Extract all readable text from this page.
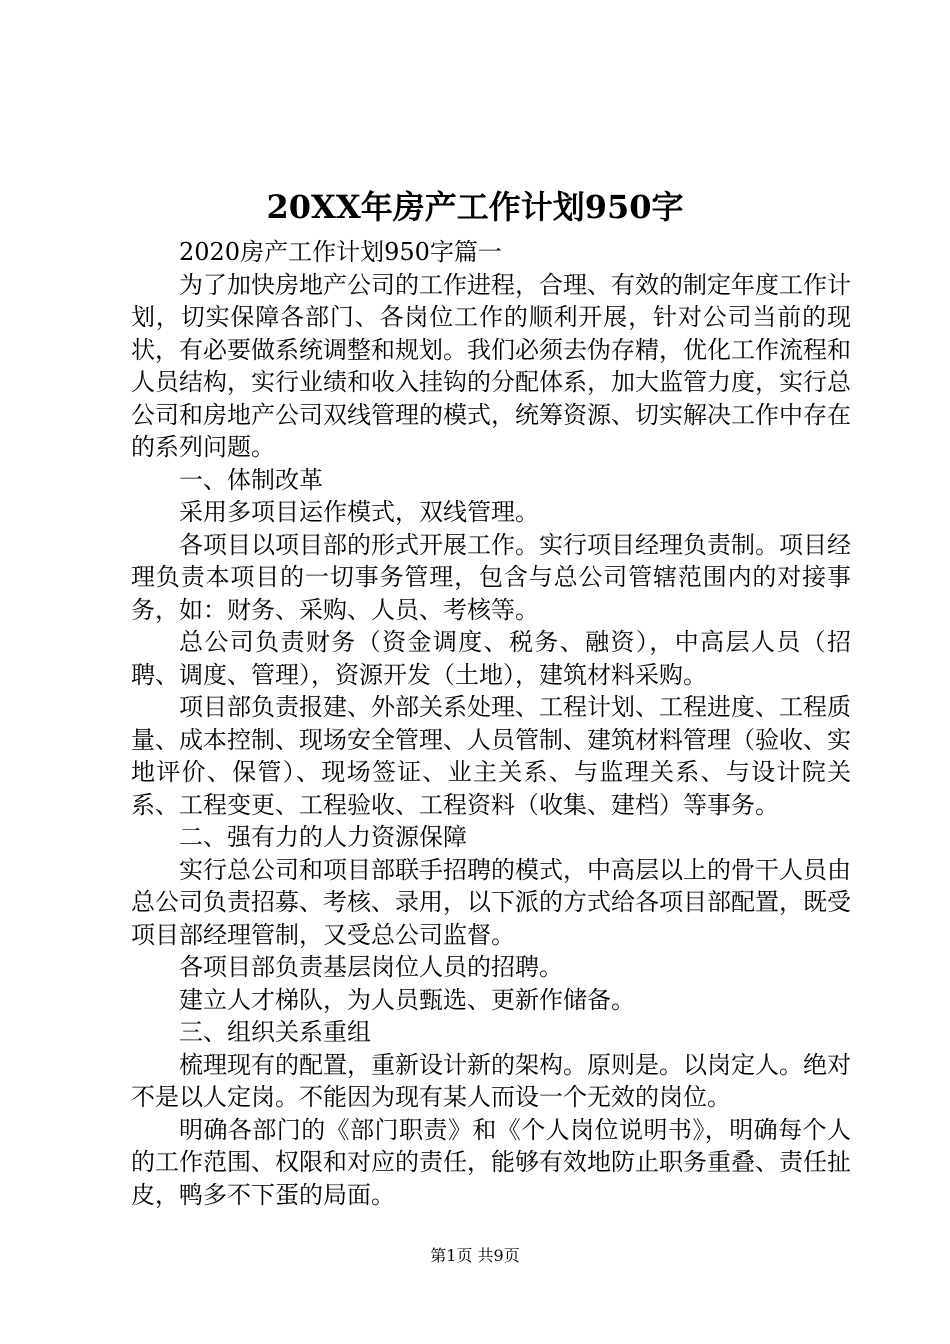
20XX年房产工作计划950字

2020房产工作计划950字篇一

为了加快房地产公司的工作进程，合理、有效的制定年度工作计划，切实保障各部门、各岗位工作的顺利开展，针对公司当前的现状，有必要做系统调整和规划。我们必须去伪存精，优化工作流程和人员结构，实行业绩和收入挂钩的分配体系，加大监管力度，实行总公司和房地产公司双线管理的模式，统筹资源、切实解决工作中存在的系列问题。

一、体制改革

采用多项目运作模式，双线管理。

各项目以项目部的形式开展工作。实行项目经理负责制。项目经理负责本项目的一切事务管理，包含与总公司管辖范围内的对接事务，如：财务、采购、人员、考核等。

总公司负责财务（资金调度、税务、融资），中高层人员（招聘、调度、管理），资源开发（土地），建筑材料采购。

项目部负责报建、外部关系处理、工程计划、工程进度、工程质量、成本控制、现场安全管理、人员管制、建筑材料管理（验收、实地评价、保管）、现场签证、业主关系、与监理关系、与设计院关系、工程变更、工程验收、工程资料（收集、建档）等事务。

二、强有力的人力资源保障

实行总公司和项目部联手招聘的模式，中高层以上的骨干人员由总公司负责招募、考核、录用，以下派的方式给各项目部配置，既受项目部经理管制，又受总公司监督。

各项目部负责基层岗位人员的招聘。

建立人才梯队，为人员甄选、更新作储备。

三、组织关系重组

梳理现有的配置，重新设计新的架构。原则是。以岗定人。绝对不是以人定岗。不能因为现有某人而设一个无效的岗位。

明确各部门的《部门职责》和《个人岗位说明书》，明确每个人的工作范围、权限和对应的责任，能够有效地防止职务重叠、责任扯皮，鸭多不下蛋的局面。

第1页 共9页
